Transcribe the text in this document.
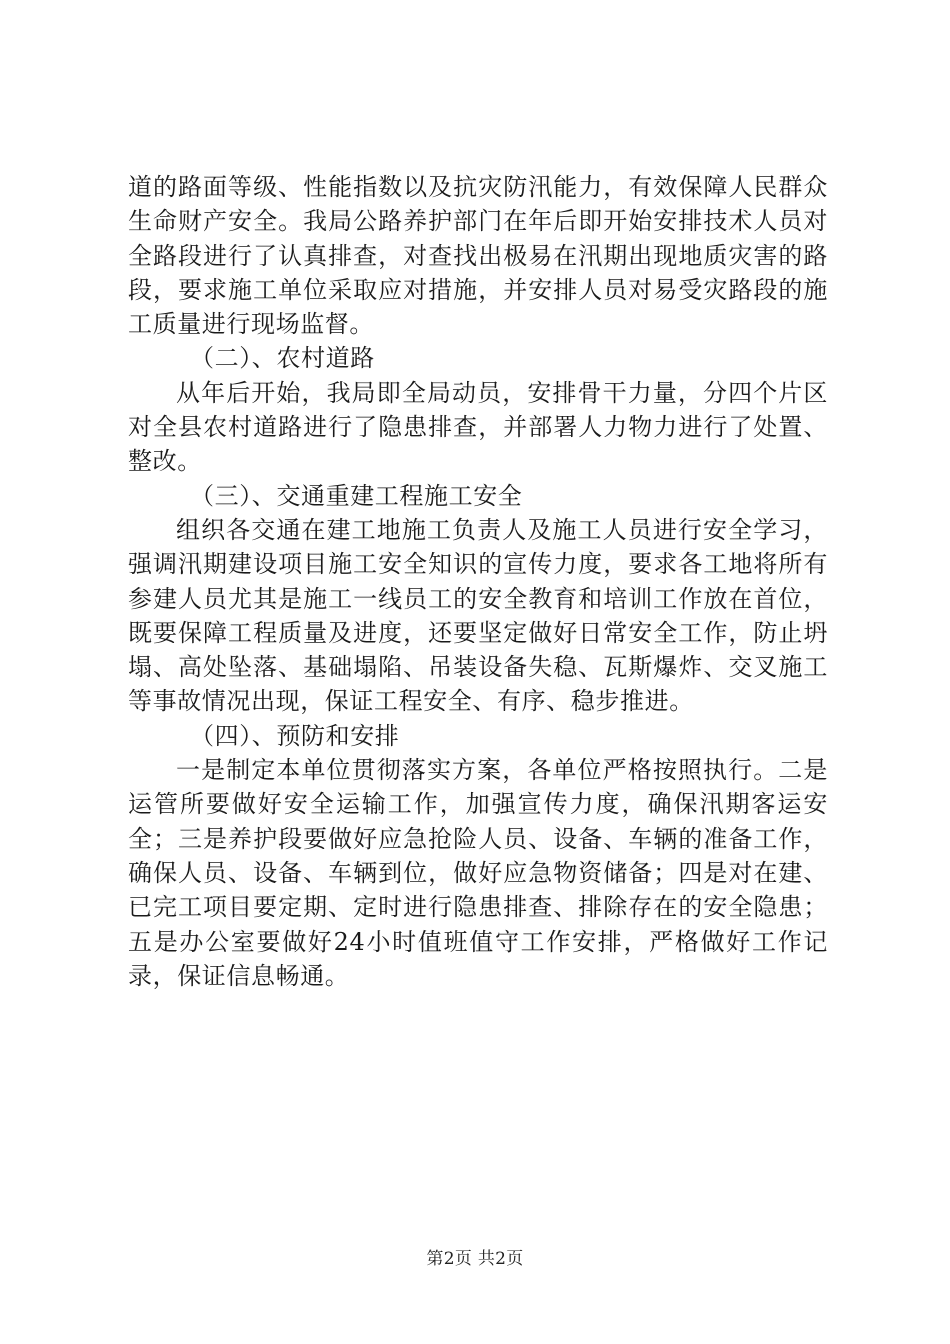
道的路面等级、性能指数以及抗灾防汛能力，有效保障人民群众生命财产安全。我局公路养护部门在年后即开始安排技术人员对全路段进行了认真排查，对查找出极易在汛期出现地质灾害的路段，要求施工单位采取应对措施，并安排人员对易受灾路段的施工质量进行现场监督。

（二）、农村道路

从年后开始，我局即全局动员，安排骨干力量，分四个片区对全县农村道路进行了隐患排查，并部署人力物力进行了处置、整改。

（三）、交通重建工程施工安全

组织各交通在建工地施工负责人及施工人员进行安全学习，强调汛期建设项目施工安全知识的宣传力度，要求各工地将所有参建人员尤其是施工一线员工的安全教育和培训工作放在首位，既要保障工程质量及进度，还要坚定做好日常安全工作，防止坍塌、高处坠落、基础塌陷、吊装设备失稳、瓦斯爆炸、交叉施工等事故情况出现，保证工程安全、有序、稳步推进。

（四）、预防和安排

一是制定本单位贯彻落实方案，各单位严格按照执行。二是运管所要做好安全运输工作，加强宣传力度，确保汛期客运安全；三是养护段要做好应急抢险人员、设备、车辆的准备工作，确保人员、设备、车辆到位，做好应急物资储备；四是对在建、已完工项目要定期、定时进行隐患排查、排除存在的安全隐患；五是办公室要做好24小时值班值守工作安排，严格做好工作记录，保证信息畅通。

第2页 共2页
